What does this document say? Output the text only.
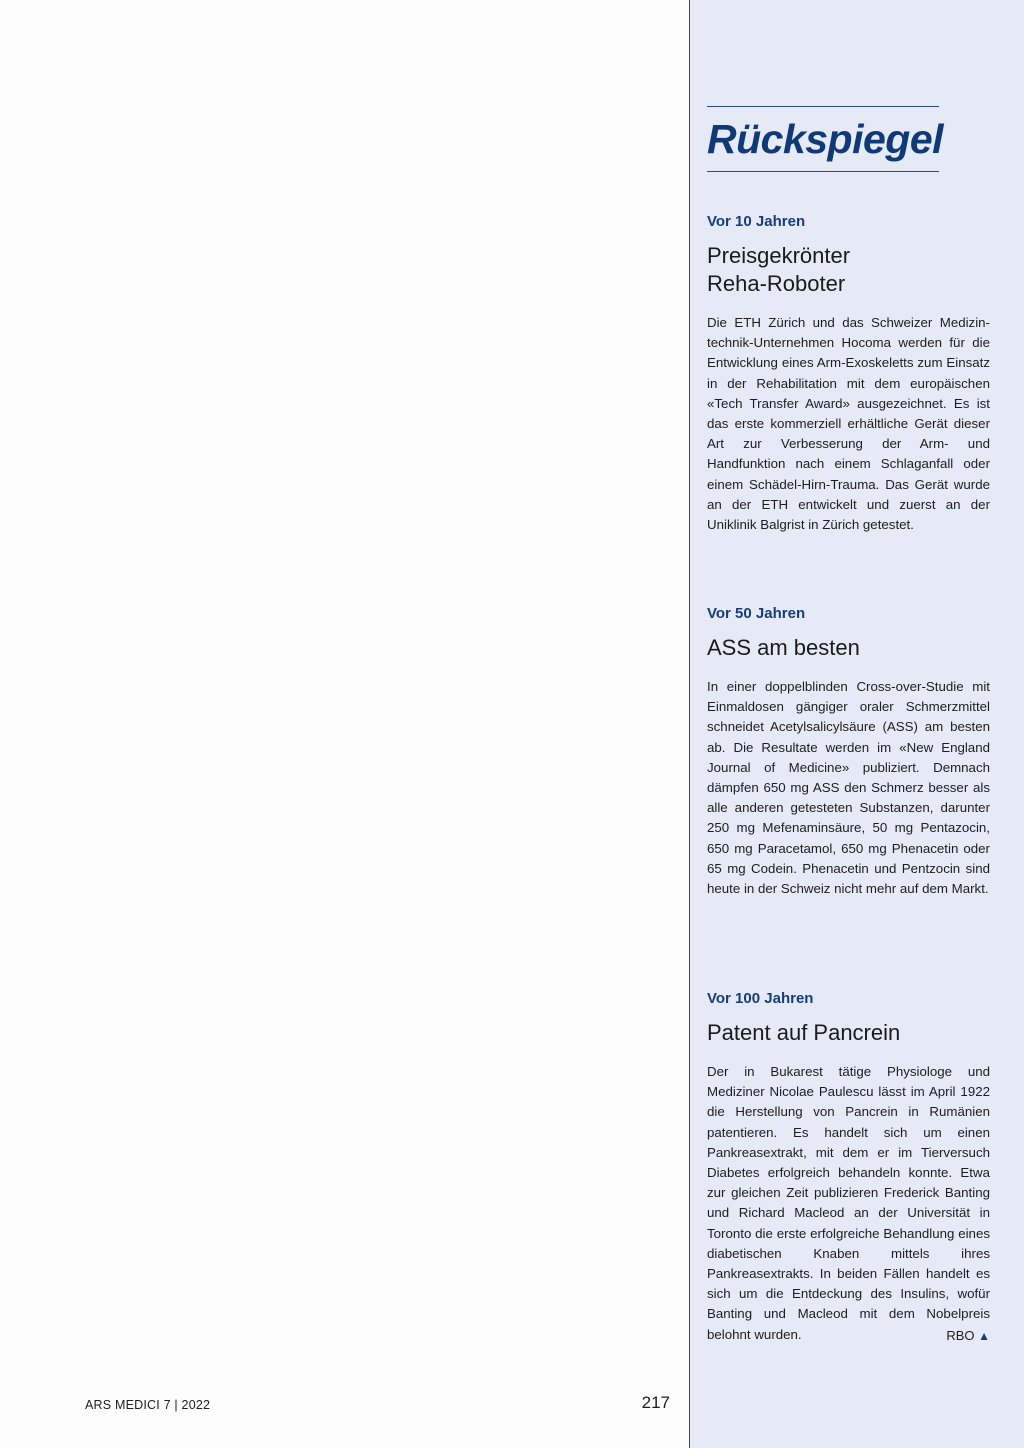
Rückspiegel
Vor 10 Jahren
Preisgekrönter
Reha-Roboter

Die ETH Zürich und das Schweizer Medizin-technik-Unternehmen Hocoma werden für die Entwicklung eines Arm-Exoskeletts zum Einsatz in der Rehabilitation mit dem europäischen «Tech Transfer Award» ausgezeichnet. Es ist das erste kommerziell erhältliche Gerät dieser Art zur Verbesserung der Arm- und Handfunktion nach einem Schlaganfall oder einem Schädel-Hirn-Trauma. Das Gerät wurde an der ETH entwickelt und zuerst an der Uniklinik Balgrist in Zürich getestet.

Vor 50 Jahren
ASS am besten

In einer doppelblinden Cross-over-Studie mit Einmaldosen gängiger oraler Schmerzmittel schneidet Acetylsalicylsäure (ASS) am besten ab. Die Resultate werden im «New England Journal of Medicine» publiziert. Demnach dämpfen 650 mg ASS den Schmerz besser als alle anderen getesteten Substanzen, darunter 250 mg Mefenaminsäure, 50 mg Pentazocin, 650 mg Paracetamol, 650 mg Phenacetin oder 65 mg Codein. Phenacetin und Pentzocin sind heute in der Schweiz nicht mehr auf dem Markt.

Vor 100 Jahren
Patent auf Pancrein

Der in Bukarest tätige Physiologe und Mediziner Nicolae Paulescu lässt im April 1922 die Herstellung von Pancrein in Rumänien patentieren. Es handelt sich um einen Pankreasextrakt, mit dem er im Tierversuch Diabetes erfolgreich behandeln konnte. Etwa zur gleichen Zeit publizieren Frederick Banting und Richard Macleod an der Universität in Toronto die erste erfolgreiche Behandlung eines diabetischen Knaben mittels ihres Pankreasextrakts. In beiden Fällen handelt es sich um die Entdeckung des Insulins, wofür Banting und Macleod mit dem Nobelpreis belohnt wurden.	RBO ▲
ARS MEDICI 7 | 2022	217
